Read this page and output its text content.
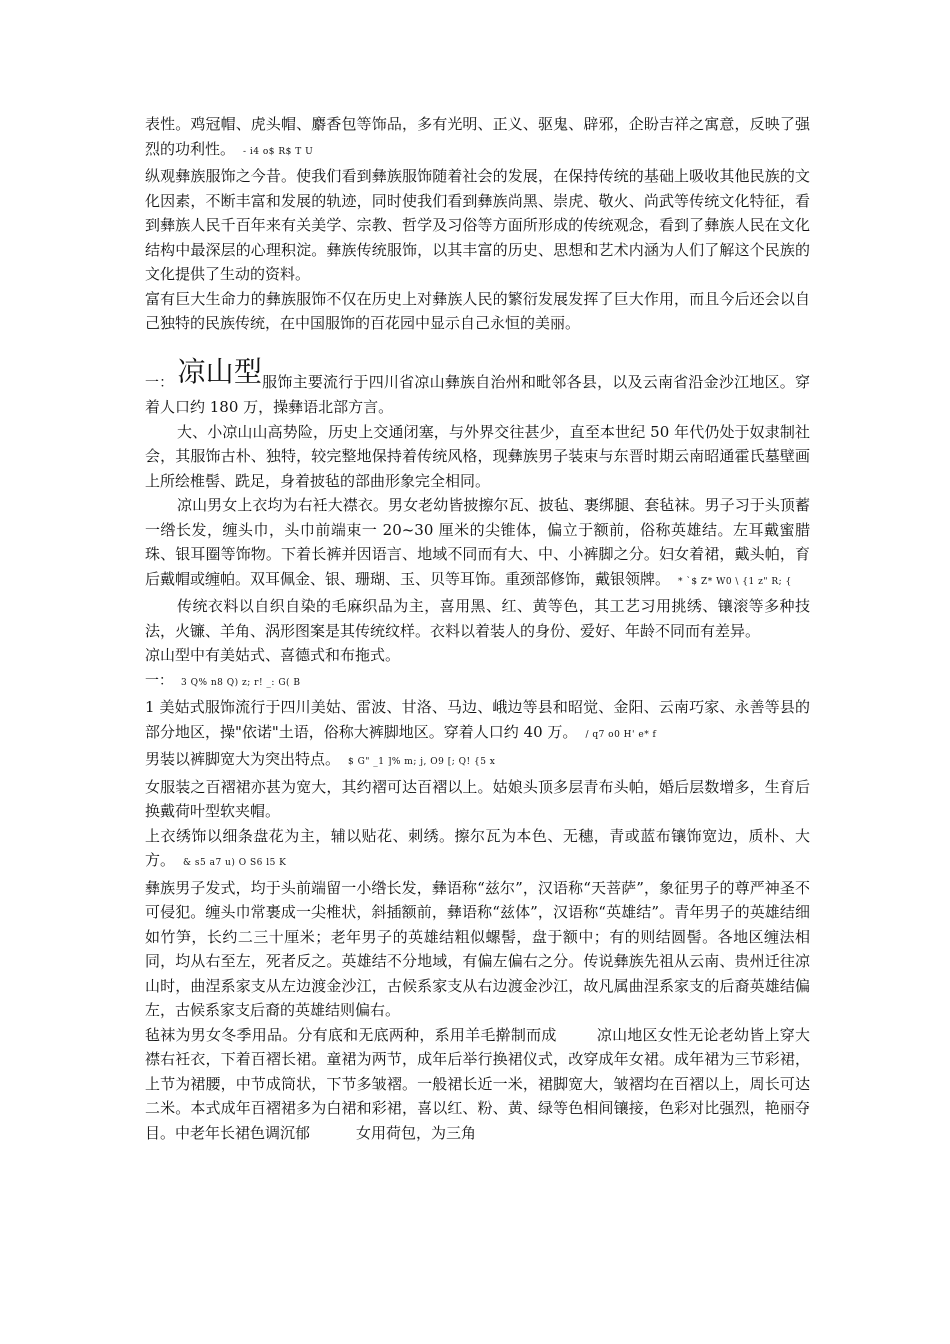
表性。鸡冠帽、虎头帽、麝香包等饰品，多有光明、正义、驱鬼、辟邪，企盼吉祥之寓意，反映了强烈的功利性。 - i4 o$ R$ T U

纵观彝族服饰之今昔。使我们看到彝族服饰随着社会的发展，在保持传统的基础上吸收其他民族的文化因素，不断丰富和发展的轨迹，同时使我们看到彝族尚黑、崇虎、敬火、尚武等传统文化特征，看到彝族人民千百年来有关美学、宗教、哲学及习俗等方面所形成的传统观念，看到了彝族人民在文化结构中最深层的心理积淀。彝族传统服饰，以其丰富的历史、思想和艺术内涵为人们了解这个民族的文化提供了生动的资料。

富有巨大生命力的彝族服饰不仅在历史上对彝族人民的繁衍发展发挥了巨大作用，而且今后还会以自己独特的民族传统，在中国服饰的百花园中显示自己永恒的美丽。

一： 凉山型服饰主要流行于四川省凉山彝族自治州和毗邻各县，以及云南省沿金沙江地区。穿着人口约 180 万，操彝语北部方言。

大、小凉山山高势险，历史上交通闭塞，与外界交往甚少，直至本世纪 50 年代仍处于奴隶制社会，其服饰古朴、独特，较完整地保持着传统风格，现彝族男子装束与东晋时期云南昭通霍氏墓壁画上所绘椎髻、跣足，身着披毡的部曲形象完全相同。

凉山男女上衣均为右衽大襟衣。男女老幼皆披擦尔瓦、披毡、裹绑腿、套毡袜。男子习于头顶蓄一绺长发，缠头巾，头巾前端束一 20~30 厘米的尖锥体，偏立于额前，俗称英雄结。左耳戴蜜腊珠、银耳圈等饰物。下着长裤并因语言、地域不同而有大、中、小裤脚之分。妇女着裙，戴头帕，育后戴帽或缠帕。双耳佩金、银、珊瑚、玉、贝等耳饰。重颈部修饰，戴银领牌。 * `$ Z* W0 \ {1 z" R; {

传统衣料以自织自染的毛麻织品为主，喜用黑、红、黄等色，其工艺习用挑绣、镶滚等多种技法，火镰、羊角、涡形图案是其传统纹样。衣料以着装人的身份、爱好、年龄不同而有差异。

凉山型中有美姑式、喜德式和布拖式。

一： 3 Q% n8 Q) z; r! _: G( B

1 美姑式服饰流行于四川美姑、雷波、甘洛、马边、峨边等县和昭觉、金阳、云南巧家、永善等县的部分地区，操"依诺"土语，俗称大裤脚地区。穿着人口约 40 万。 / q7 o0 H' e* f

男装以裤脚宽大为突出特点。 $ G" _1 ]% m; j, O9 [; Q! {5 x

女服装之百褶裙亦甚为宽大，其约褶可达百褶以上。姑娘头顶多层青布头帕，婚后层数增多，生育后换戴荷叶型软夹帽。

上衣绣饰以细条盘花为主，辅以贴花、刺绣。擦尔瓦为本色、无穗，青或蓝布镶饰宽边，质朴、大方。 & s5 a7 u) O S6 l5 K

彝族男子发式，均于头前端留一小绺长发，彝语称“兹尔”，汉语称“天菩萨”，象征男子的尊严神圣不可侵犯。缠头巾常裹成一尖椎状，斜插额前，彝语称“兹体”，汉语称“英雄结”。青年男子的英雄结细如竹笋，长约二三十厘米；老年男子的英雄结粗似螺髻，盘于额中；有的则结圆髻。各地区缠法相同，均从右至左，死者反之。英雄结不分地域，有偏左偏右之分。传说彝族先祖从云南、贵州迁往凉山时，曲涅系家支从左边渡金沙江，古候系家支从右边渡金沙江，故凡属曲涅系家支的后裔英雄结偏左，古候系家支后裔的英雄结则偏右。

毡袜为男女冬季用品。分有底和无底两种，系用羊毛擀制而成	凉山地区女性无论老幼皆上穿大襟右衽衣，下着百褶长裙。童裙为两节，成年后举行换裙仪式，改穿成年女裙。成年裙为三节彩裙，上节为裙腰，中节成筒状，下节多皱褶。一般裙长近一米，裙脚宽大，皱褶均在百褶以上，周长可达二米。本式成年百褶裙多为白裙和彩裙，喜以红、粉、黄、绿等色相间镶接，色彩对比强烈，艳丽夺目。中老年长裙色调沉郁	女用荷包，为三角
